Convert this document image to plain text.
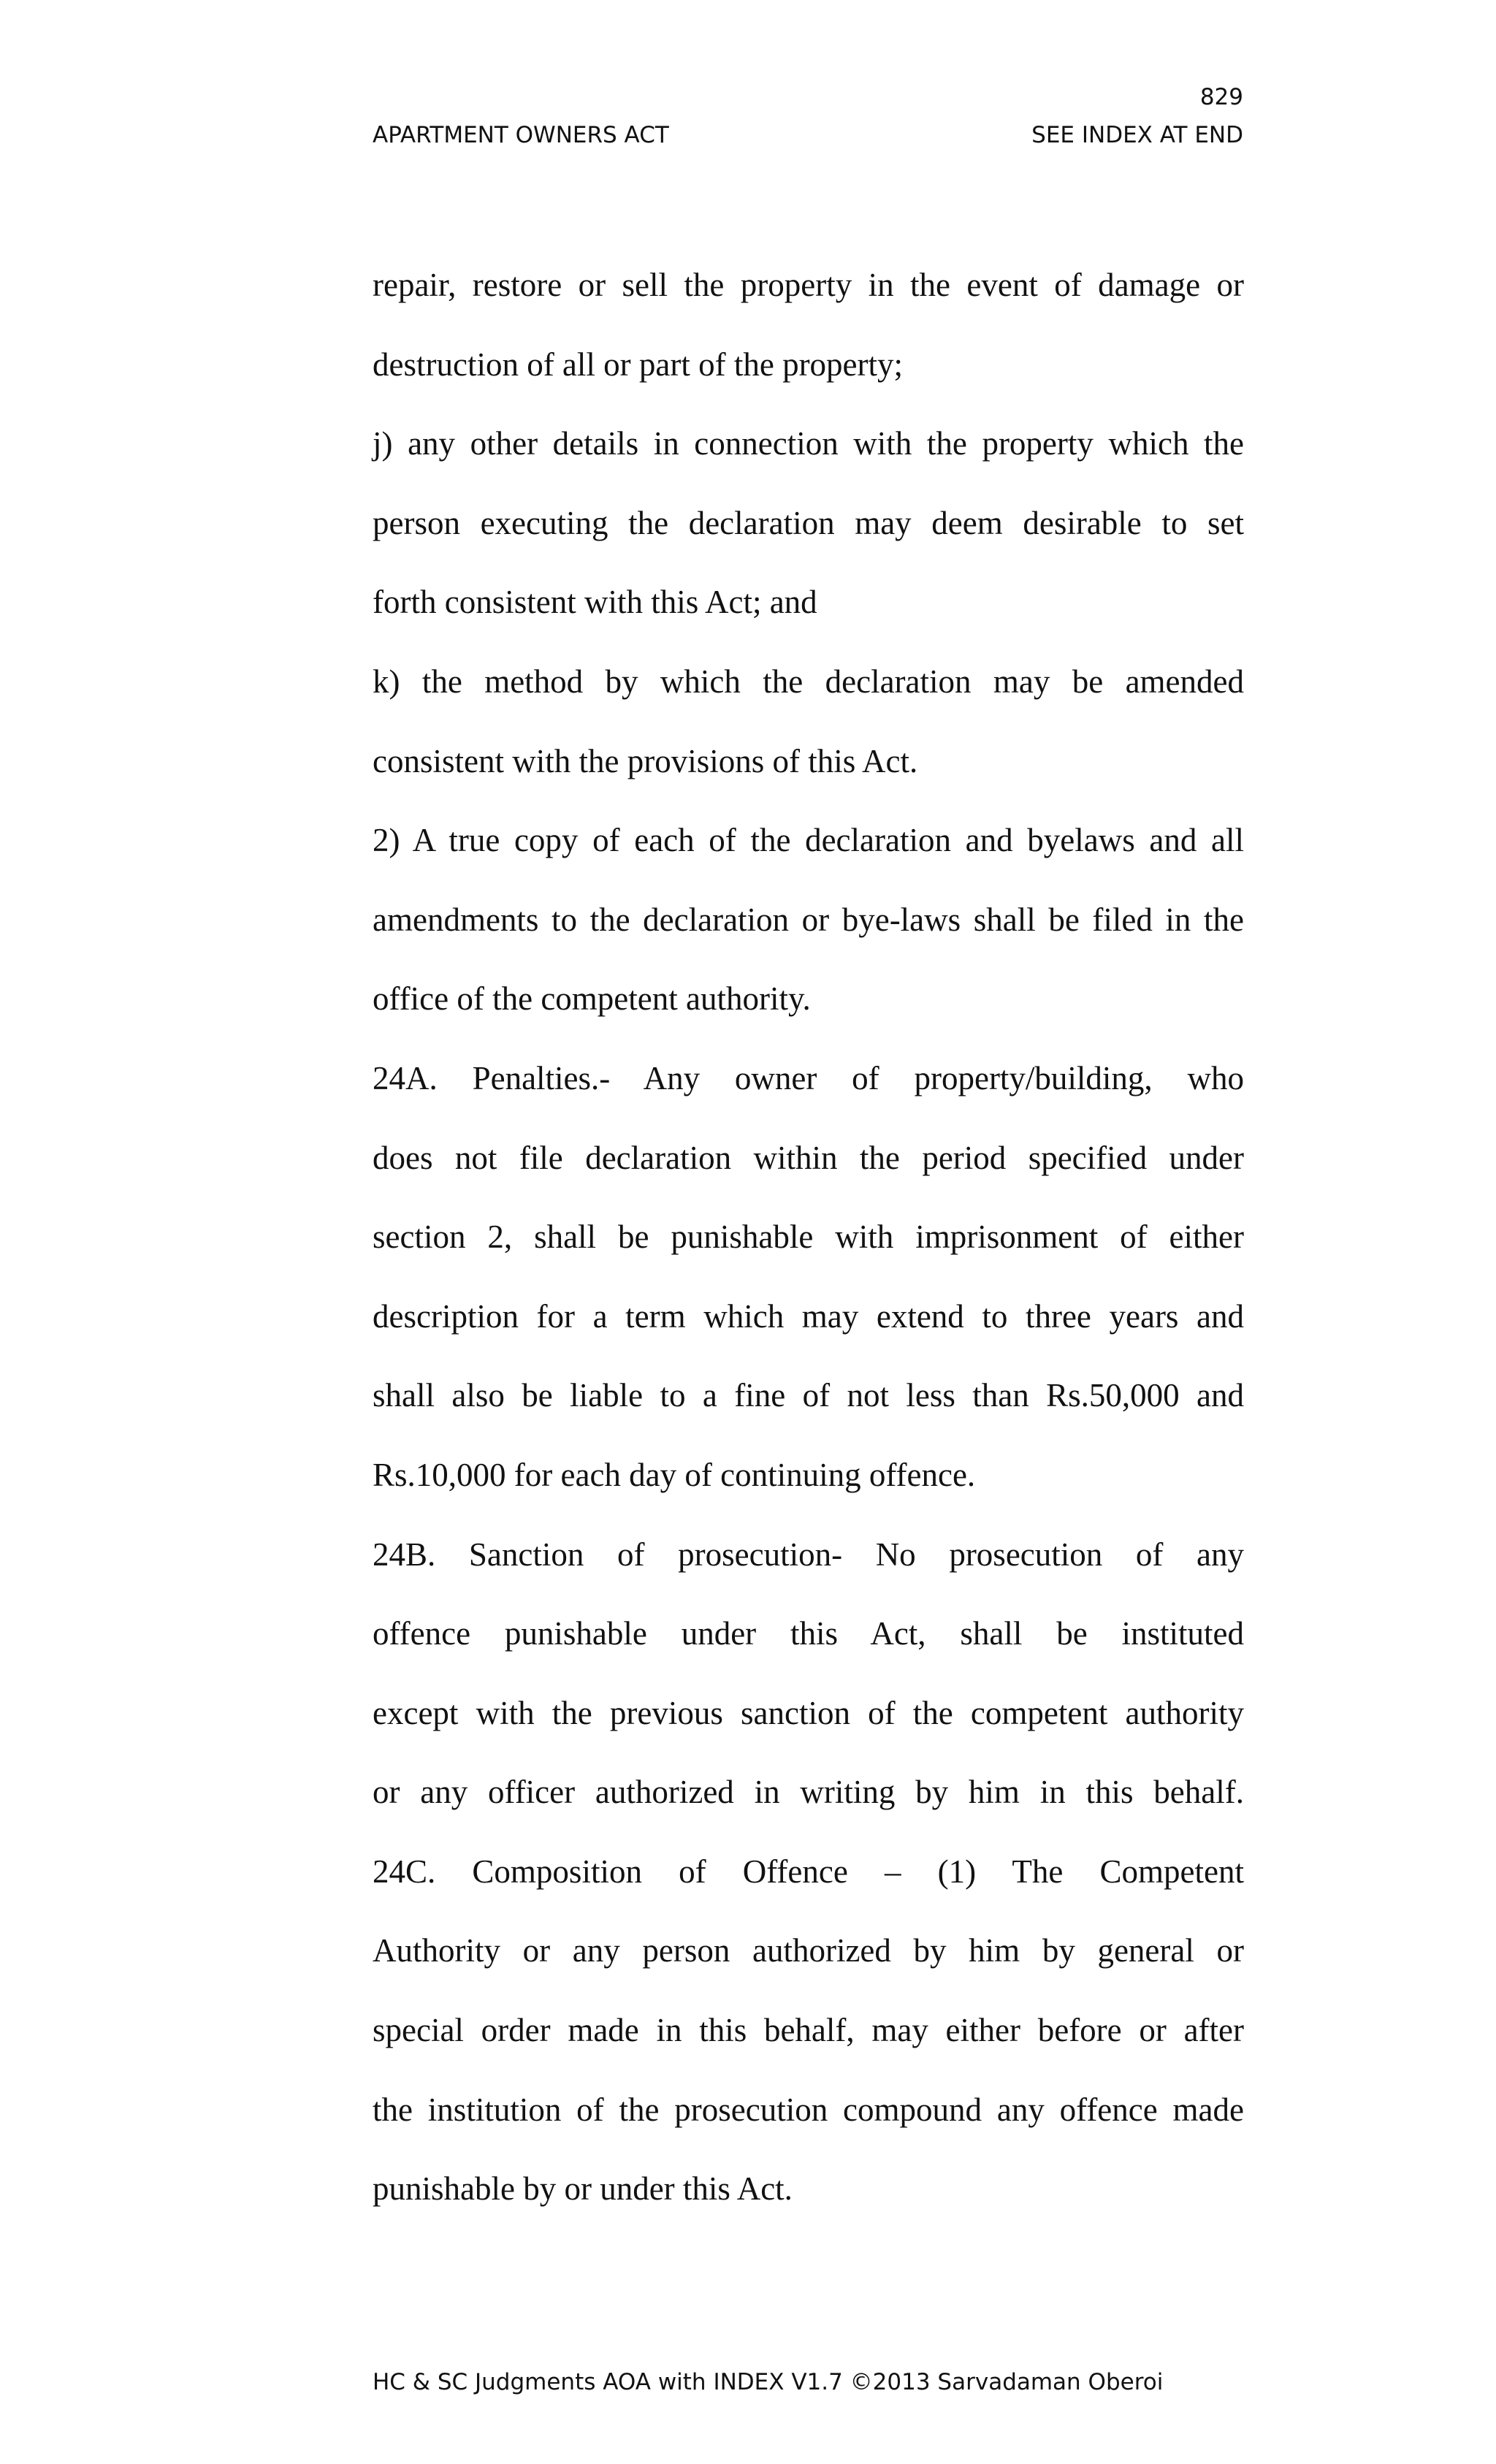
829
APARTMENT OWNERS ACT	SEE INDEX AT END
repair, restore or sell the property in the event of damage or
destruction of all or part of the property;
j) any other details in connection with the property which the
person executing the declaration may deem desirable to set
forth consistent with this Act; and
k) the method by which the declaration may be amended
consistent with the provisions of this Act.
2) A true copy of each of the declaration and byelaws and all
amendments to the declaration or bye-laws shall be filed in the
office of the competent authority.
24A. Penalties.- Any owner of property/building, who
does not file declaration within the period specified under
section 2, shall be punishable with imprisonment of either
description for a term which may extend to three years and
shall also be liable to a fine of not less than Rs.50,000 and
Rs.10,000 for each day of continuing offence.
24B. Sanction of prosecution- No prosecution of any
offence punishable under this Act, shall be instituted
except with the previous sanction of the competent authority
or any officer authorized in writing by him in this behalf.
24C. Composition of Offence – (1) The Competent
Authority or any person authorized by him by general or
special order made in this behalf, may either before or after
the institution of the prosecution compound any offence made
punishable by or under this Act.
HC & SC Judgments AOA with INDEX V1.7 ©2013 Sarvadaman Oberoi
